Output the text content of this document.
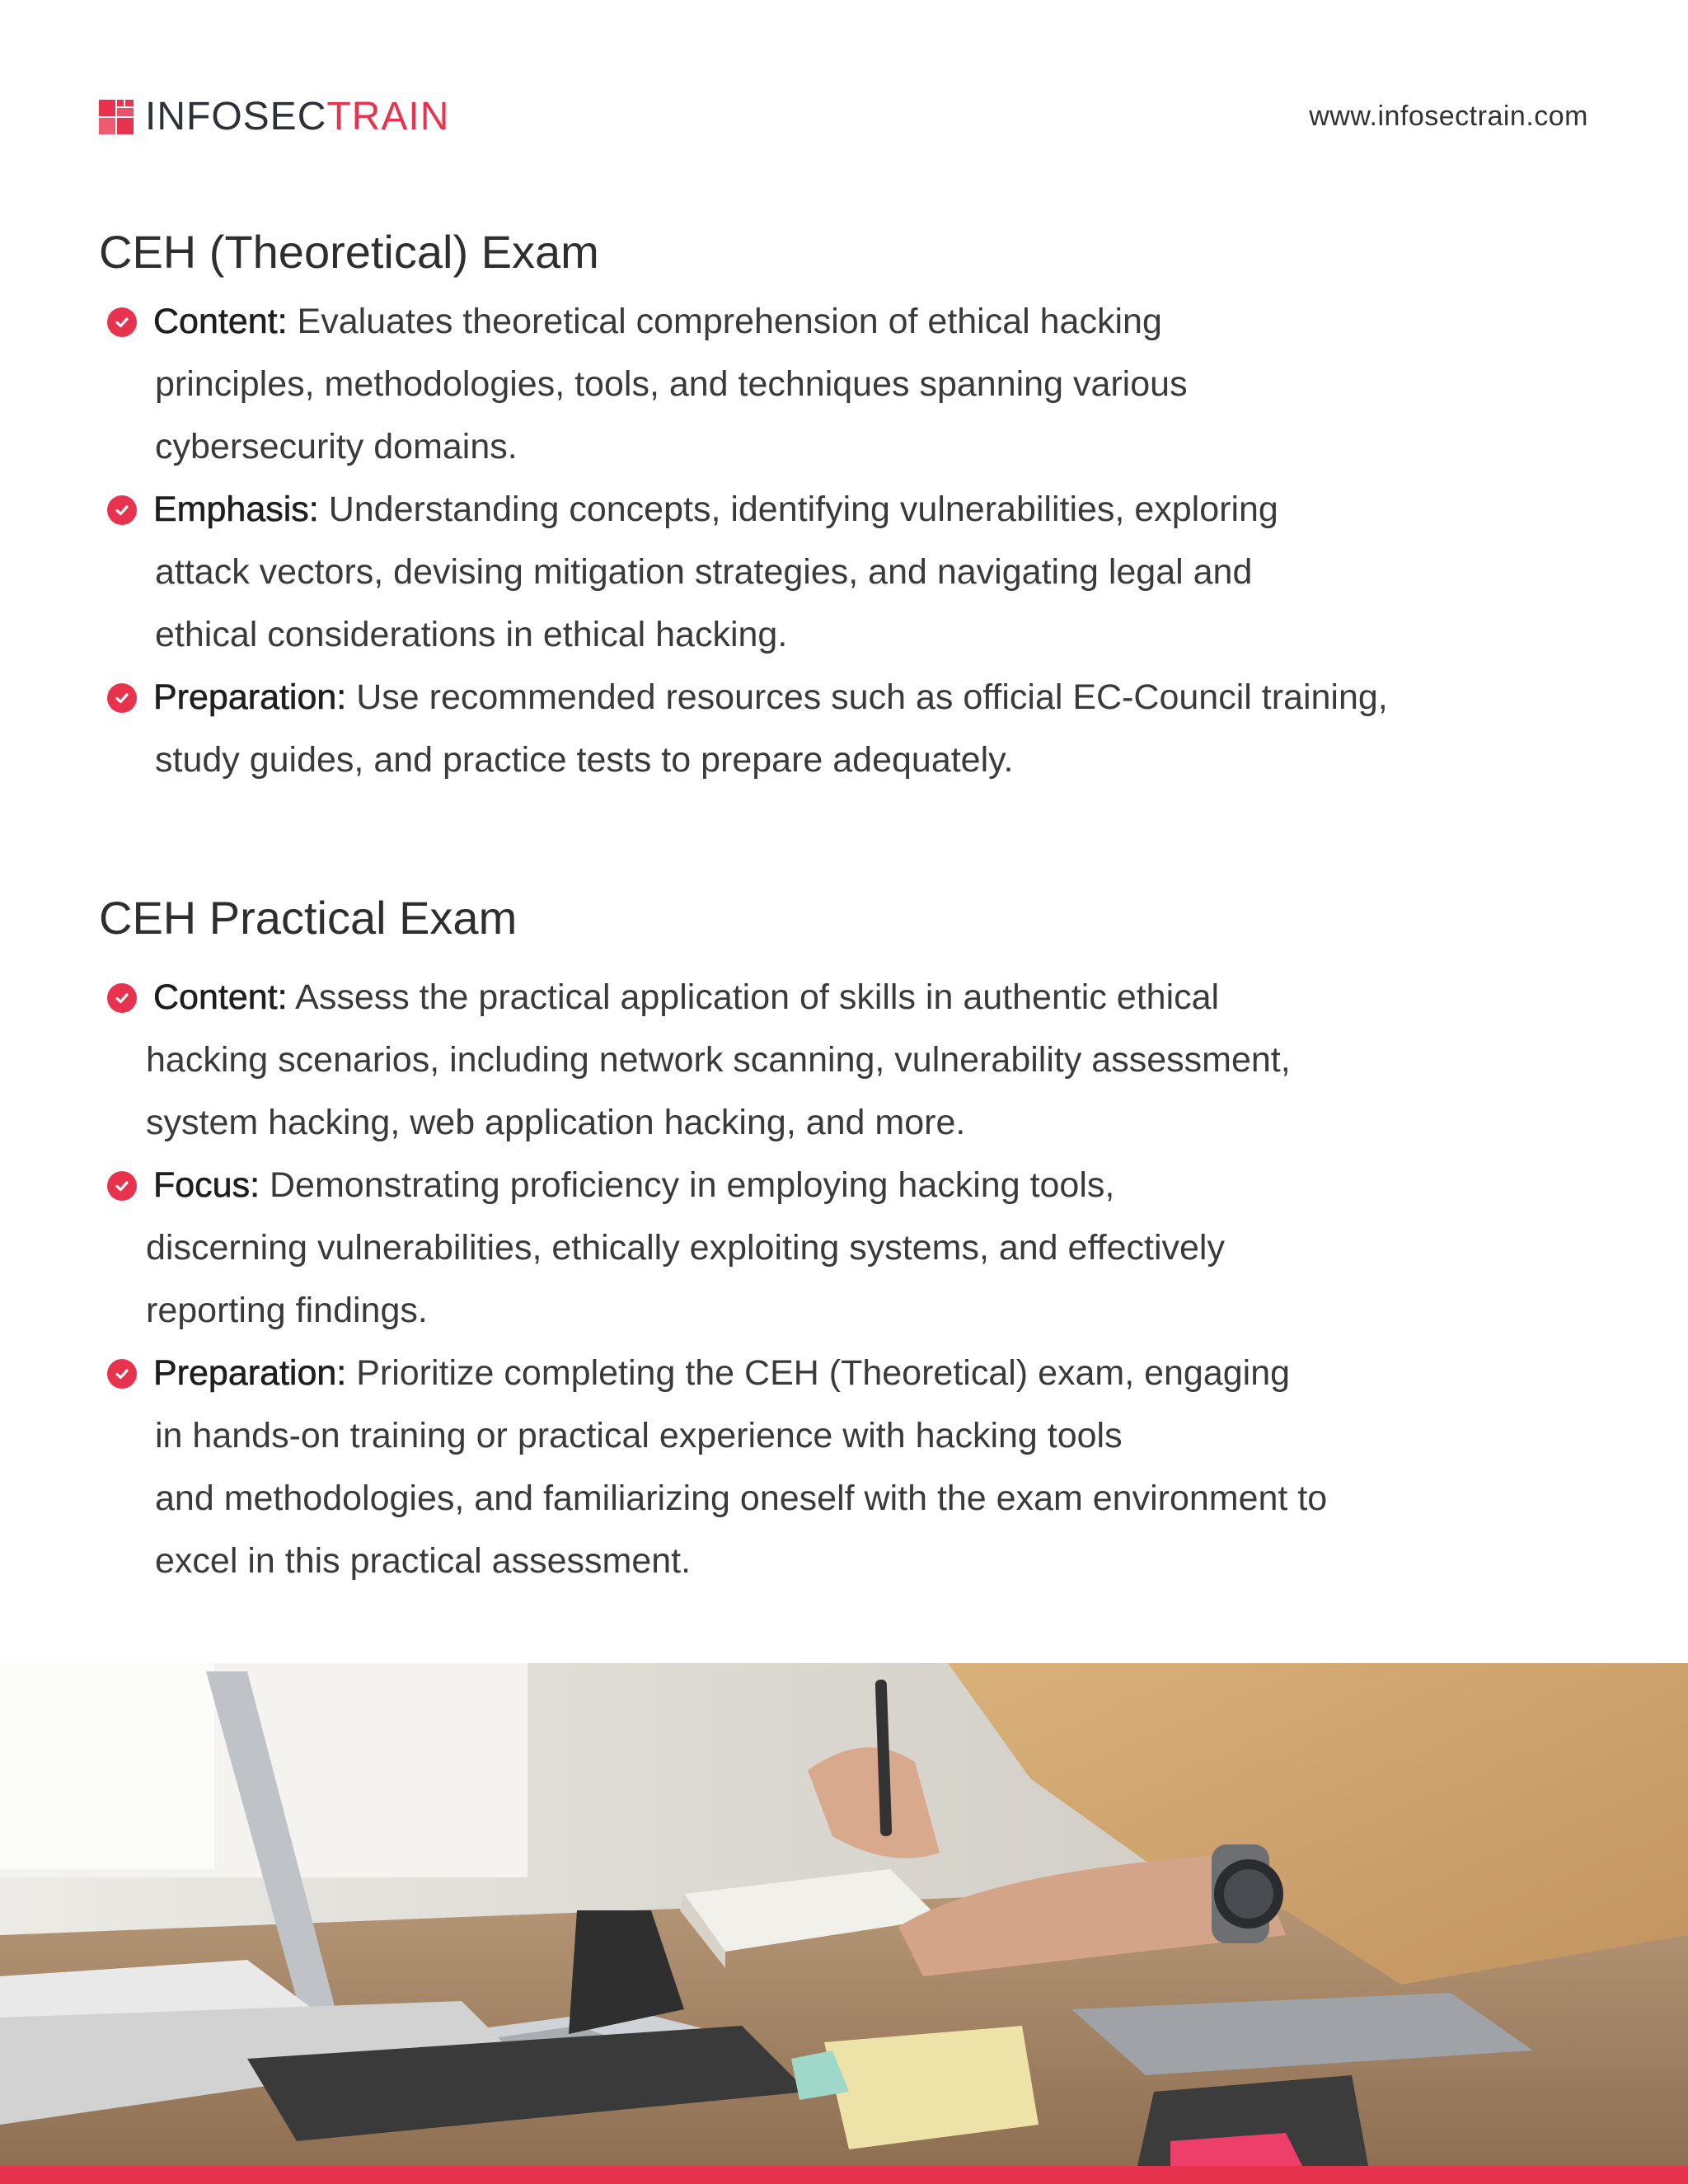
INFOSECTRAIN	www.infosectrain.com
CEH (Theoretical) Exam
Content: Evaluates theoretical comprehension of ethical hacking
principles, methodologies, tools, and techniques spanning various
cybersecurity domains.
Emphasis: Understanding concepts, identifying vulnerabilities, exploring
attack vectors, devising mitigation strategies, and navigating legal and
ethical considerations in ethical hacking.
Preparation: Use recommended resources such as official EC-Council training,
study guides, and practice tests to prepare adequately.
CEH Practical Exam
Content: Assess the practical application of skills in authentic ethical
hacking scenarios, including network scanning, vulnerability assessment,
system hacking, web application hacking, and more.
Focus: Demonstrating proficiency in employing hacking tools,
discerning vulnerabilities, ethically exploiting systems, and effectively
reporting findings.
Preparation: Prioritize completing the CEH (Theoretical) exam, engaging
in hands-on training or practical experience with hacking tools
and methodologies, and familiarizing oneself with the exam environment to
excel in this practical assessment.
